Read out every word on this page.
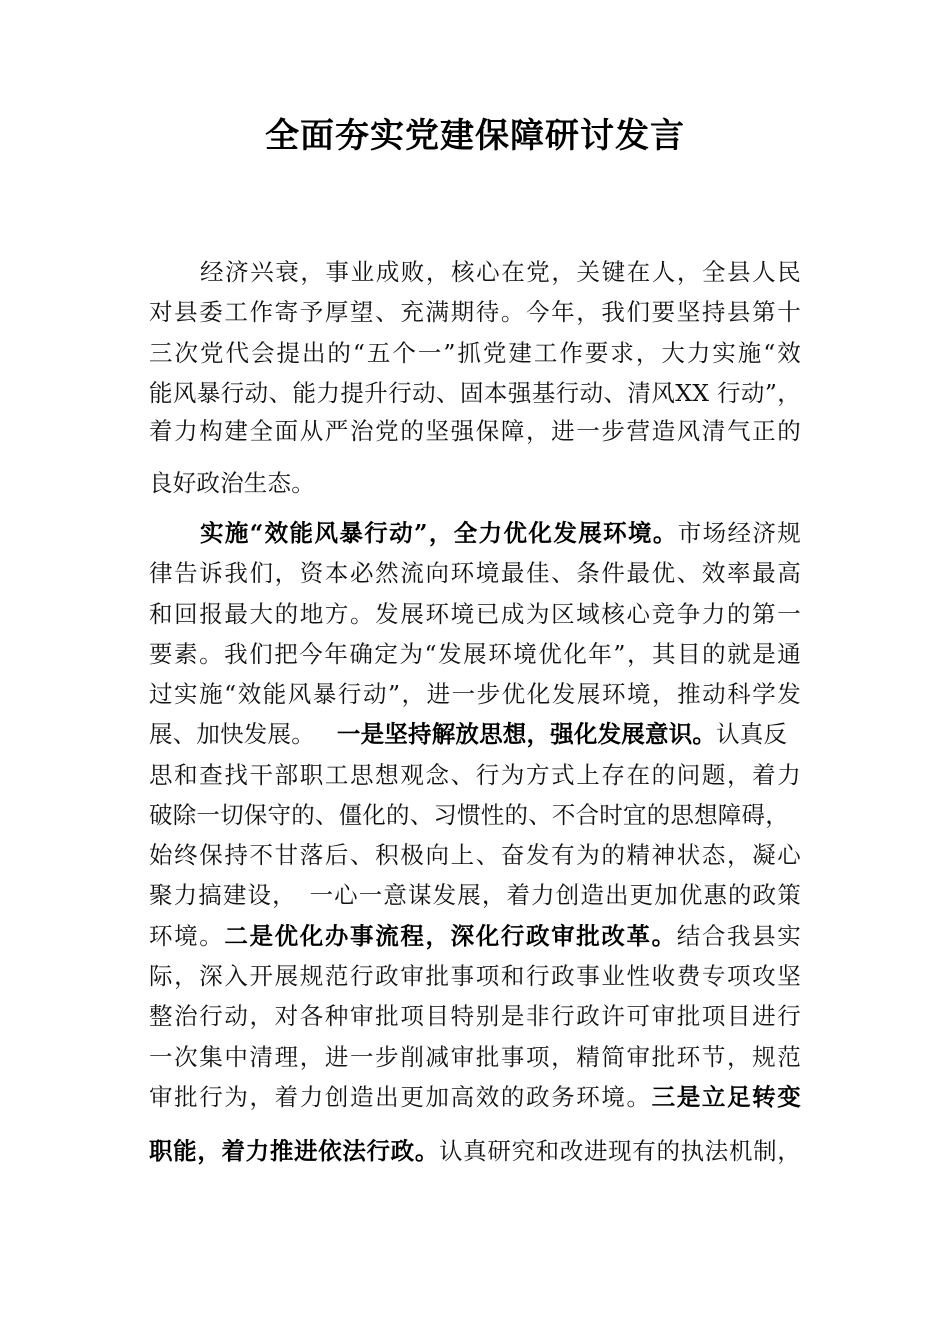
全面夯实党建保障研讨发言
经济兴衰，事业成败，核心在党，关键在人，全县人民
对县委工作寄予厚望、充满期待。今年，我们要坚持县第十
三次党代会提出的“五个一”抓党建工作要求，大力实施“效
能风暴行动、能力提升行动、固本强基行动、清风XX 行动”，
着力构建全面从严治党的坚强保障，进一步营造风清气正的
良好政治生态。
实施“效能风暴行动”，全力优化发展环境。市场经济规
律告诉我们，资本必然流向环境最佳、条件最优、效率最高
和回报最大的地方。发展环境已成为区域核心竞争力的第一
要素。我们把今年确定为“发展环境优化年”，其目的就是通
过实施“效能风暴行动”，进一步优化发展环境，推动科学发
展、加快发展。 一是坚持解放思想，强化发展意识。认真反
思和查找干部职工思想观念、行为方式上存在的问题，着力
破除一切保守的、僵化的、习惯性的、不合时宜的思想障碍，
始终保持不甘落后、积极向上、奋发有为的精神状态，凝心
聚力搞建设，　一心一意谋发展，着力创造出更加优惠的政策
环境。二是优化办事流程，深化行政审批改革。结合我县实
际，深入开展规范行政审批事项和行政事业性收费专项攻坚
整治行动，对各种审批项目特别是非行政许可审批项目进行
一次集中清理，进一步削减审批事项，精简审批环节，规范
审批行为，着力创造出更加高效的政务环境。三是立足转变
职能，着力推进依法行政。认真研究和改进现有的执法机制，
